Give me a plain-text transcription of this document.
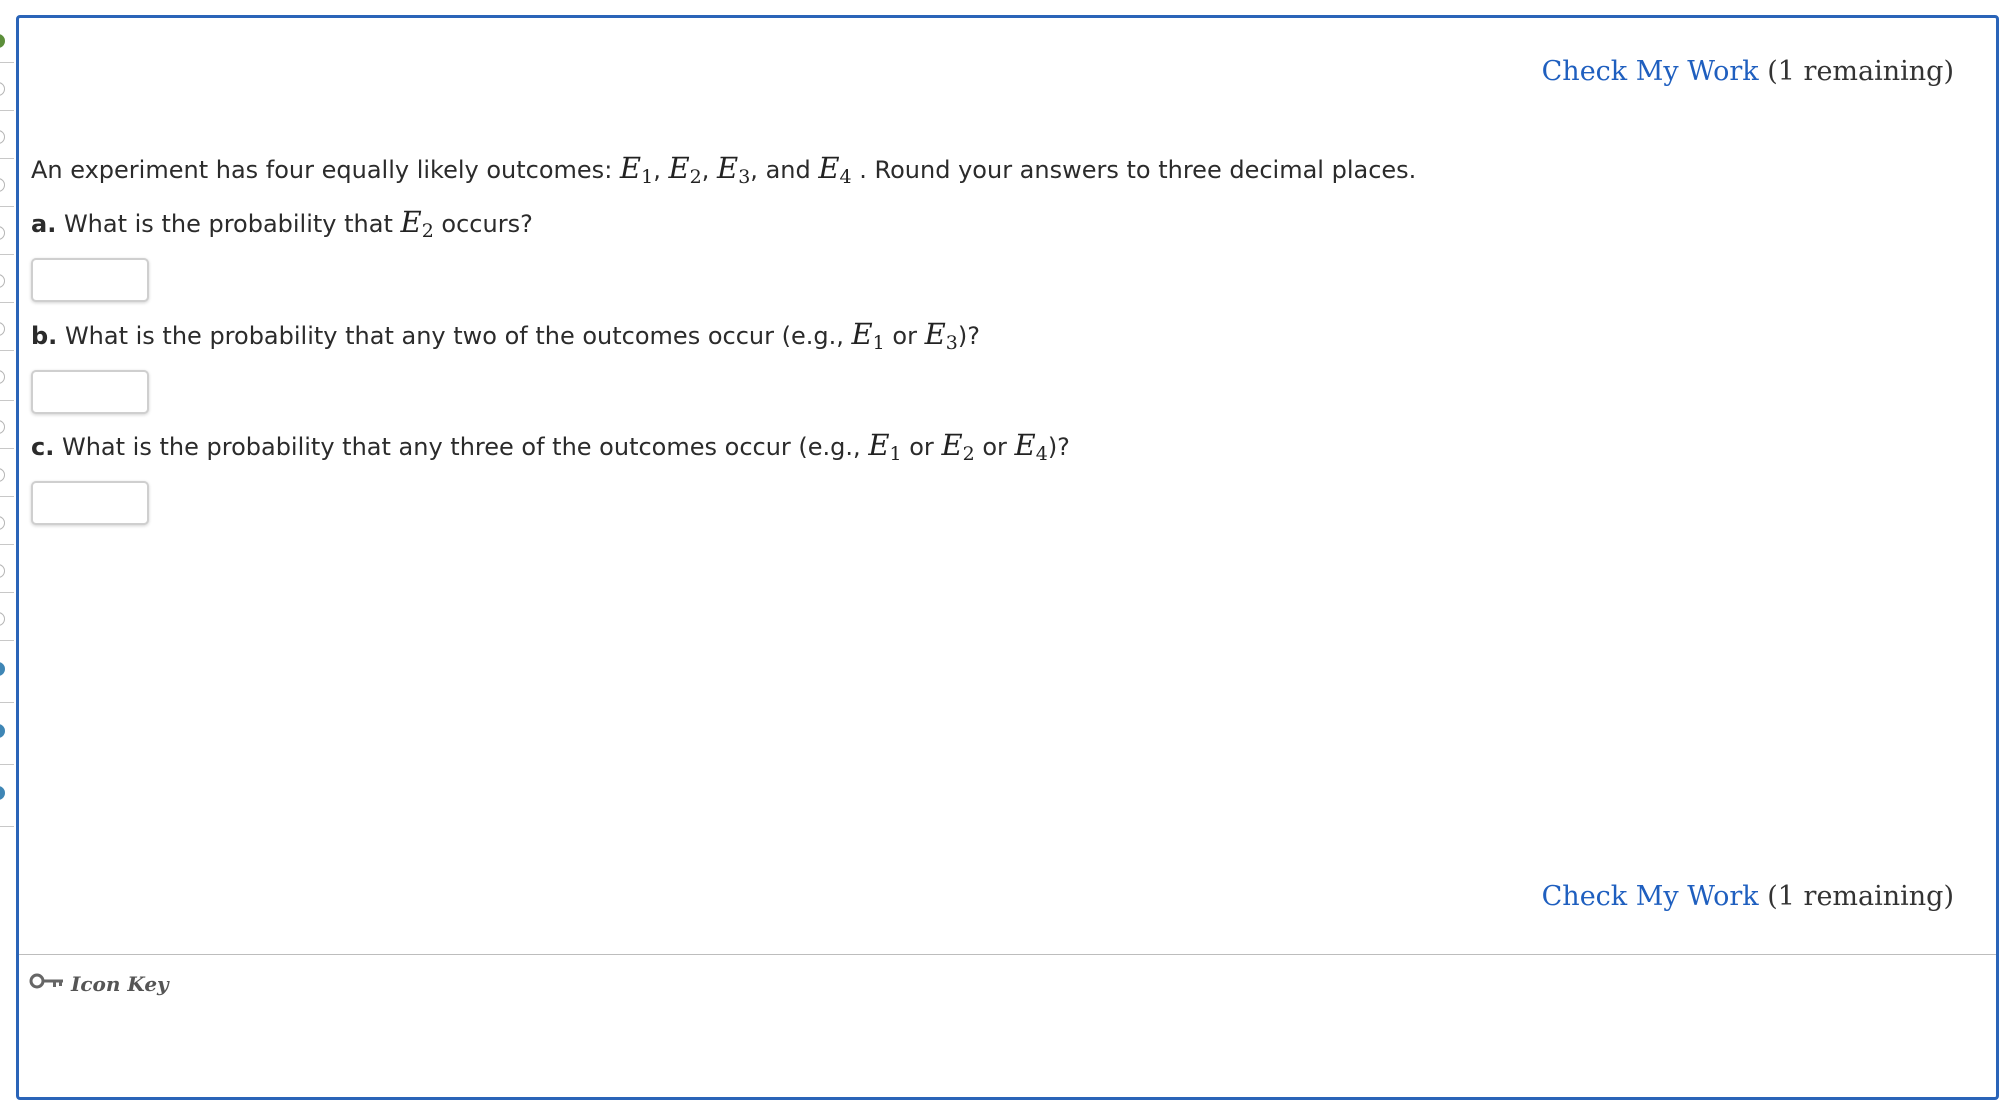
Check My Work (1 remaining)
An experiment has four equally likely outcomes: $E_1$, $E_2$, $E_3$, and $E_4$ . Round your answers to three decimal places.
a. What is the probability that $E_2$ occurs?
b. What is the probability that any two of the outcomes occur (e.g., $E_1$ or $E_3$)?
c. What is the probability that any three of the outcomes occur (e.g., $E_1$ or $E_2$ or $E_4$)?
Check My Work (1 remaining)
Icon Key
